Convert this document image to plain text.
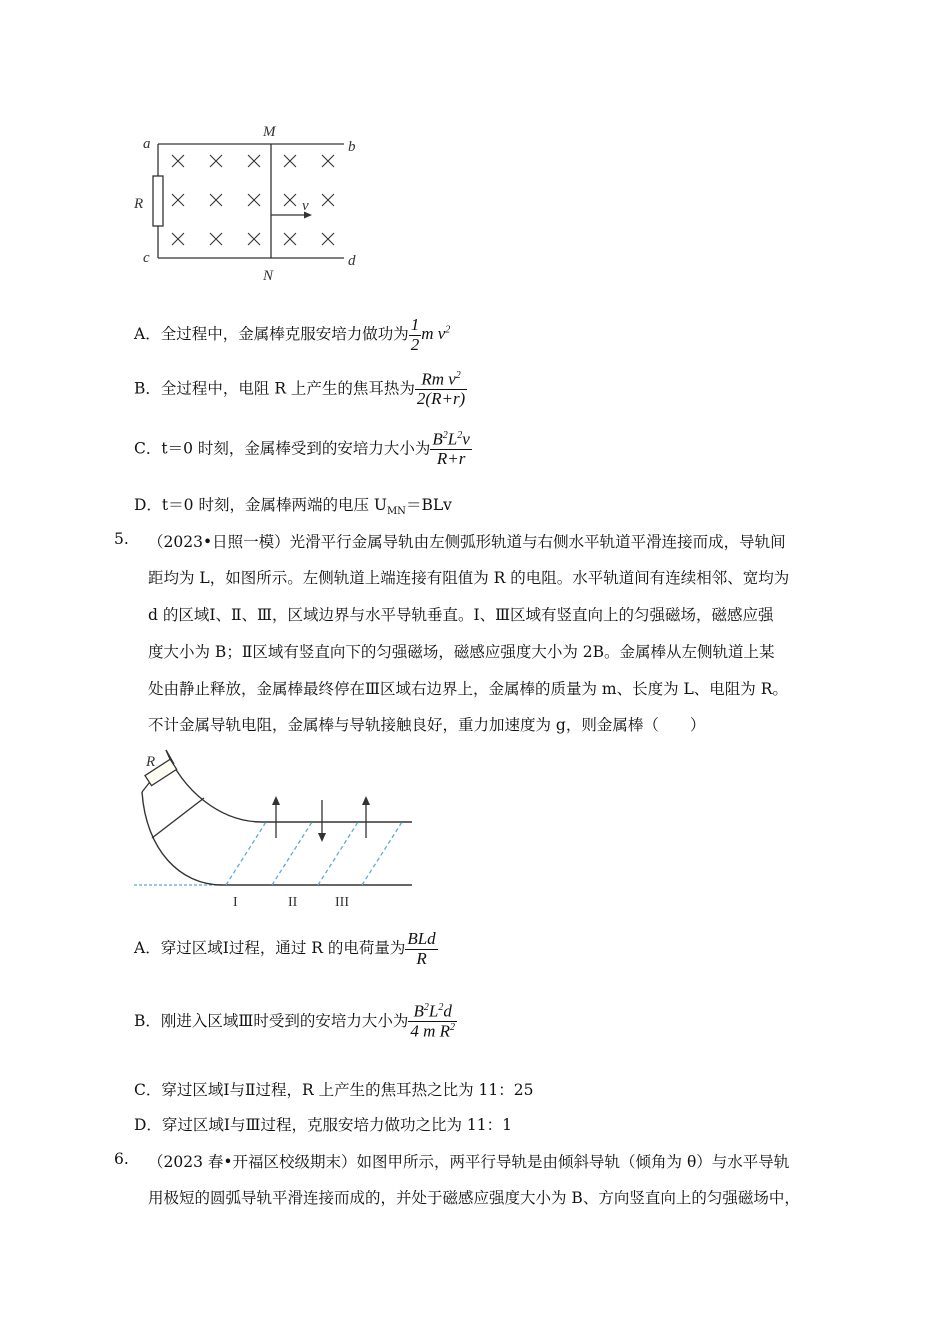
a	b
c	d
M
N
R	v
A．全过程中，金属棒克服安培力做功为 $\frac{1}{2}$ m $v^2$
B．全过程中，电阻 R 上产生的焦耳热为 $\frac{Rm v^2}{2(R+r)}$
C．t＝0 时刻，金属棒受到的安培力大小为 $\frac{B^2L^2v}{R+r}$
D．t＝0 时刻，金属棒两端的电压 $U_{MN}=BLv$
5. （2023•日照一模）光滑平行金属导轨由左侧弧形轨道与右侧水平轨道平滑连接而成，导轨间
距均为 L，如图所示。左侧轨道上端连接有阻值为 R 的电阻。水平轨道间有连续相邻、宽均为
d 的区域Ⅰ、Ⅱ、Ⅲ，区域边界与水平导轨垂直。Ⅰ、Ⅲ区域有竖直向上的匀强磁场，磁感应强
度大小为 B；Ⅱ区域有竖直向下的匀强磁场，磁感应强度大小为 2B。金属棒从左侧轨道上某
处由静止释放，金属棒最终停在Ⅲ区域右边界上，金属棒的质量为 m、长度为 L、电阻为 R。
不计金属导轨电阻，金属棒与导轨接触良好，重力加速度为 g，则金属棒（　　）
R
I	II	III
A．穿过区域Ⅰ过程，通过 R 的电荷量为 $\frac{\text{BLd}}{R}$
B．刚进入区域Ⅲ时受到的安培力大小为 $\frac{B^2L^2d}{4 m R^2}$
C．穿过区域Ⅰ与Ⅱ过程，R 上产生的焦耳热之比为 11：25
D．穿过区域Ⅰ与Ⅲ过程，克服安培力做功之比为 11：1
6. （2023 春•开福区校级期末）如图甲所示，两平行导轨是由倾斜导轨（倾角为 θ）与水平导轨
用极短的圆弧导轨平滑连接而成的，并处于磁感应强度大小为 B、方向竖直向上的匀强磁场中，
